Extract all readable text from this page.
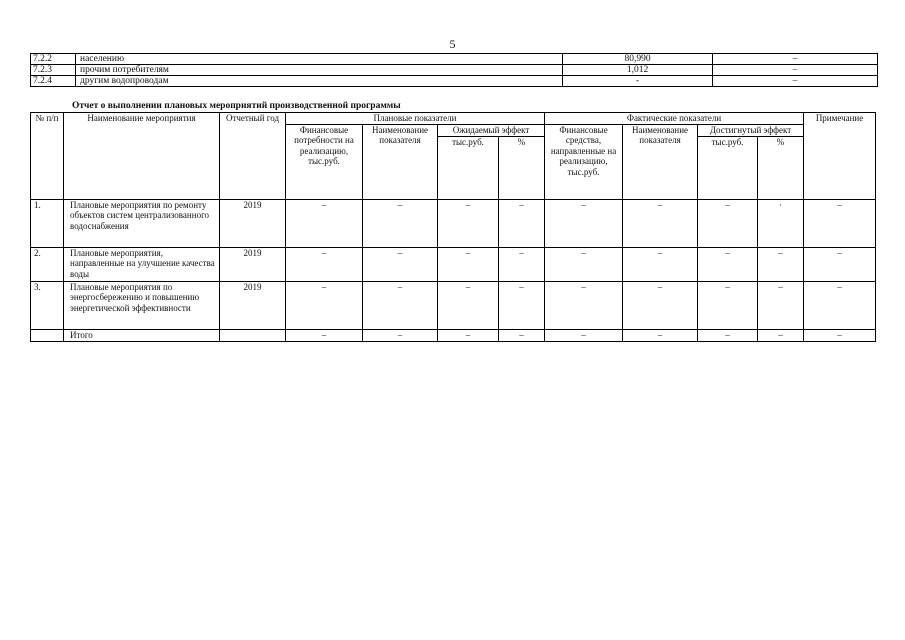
5
7.2.2	населению	80,990	–
7.2.3	прочим потребителям	1,012	–
7.2.4	другим водопроводам	-	–
Отчет о выполнении плановых мероприятий производственной программы
№ п/п	Наименование мероприятия	Отчетный год	Плановые показатели				Фактические показатели				Примечание
			Финансовые потребности на реализацию, тыс.руб.	Наименование показателя	Ожидаемый эффект		Финансовые средства, направленные на реализацию, тыс.руб.	Наименование показателя	Достигнутый эффект		
					тыс.руб.	%			тыс.руб.	%	
1.	Плановые мероприятия по ремонту объектов систем централизованного водоснабжения	2019	–	–	–	–	–	–	–	·	–
2.	Плановые мероприятия, направленные на улучшение качества воды	2019	–	–	–	–	–	–	–	–	–
3.	Плановые мероприятия по энергосбережению и повышению энергетической эффективности	2019	–	–	–	–	–	–	–	–	–
	Итого		–	–	–	–	–	–	–	–	–
